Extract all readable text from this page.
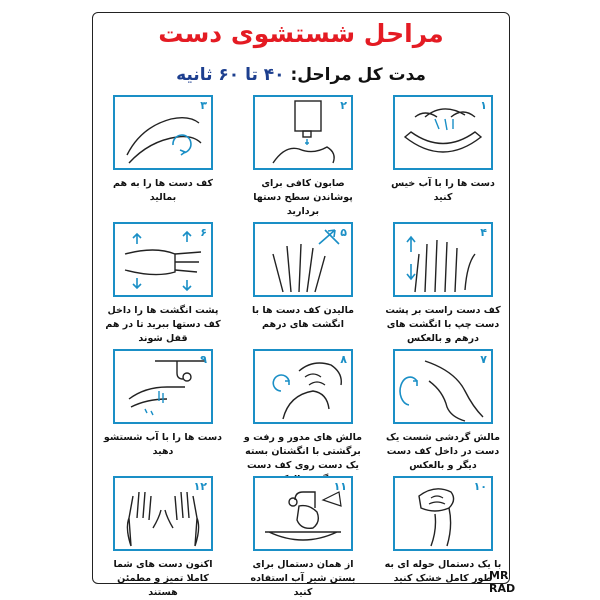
مراحل شستشوی دست
مدت کل مراحل: ۴۰ تا ۶۰ ثانیه
۱
دست ها را با آب خیس کنید
۲
صابون کافی برای پوشاندن سطح دستها بردارید
۳
کف دست ها را به هم بمالید
۴
کف دست راست بر پشت دست چپ با انگشت های درهم و بالعکس
۵
مالیدن کف دست ها با انگشت های درهم
۶
پشت انگشت ها را داخل کف دستها ببرید تا در هم قفل شوند
۷
مالش گردشی شست یک دست در داخل کف دست دیگر و بالعکس
۸
مالش های مدور و رفت و برگشتی با انگشتان بسته یک دست روی کف دست
۹
دست ها را با آب شستشو دهید
۱۰
با یک دستمال حوله ای به طور کامل خشک کنید
۱۱
از همان دستمال برای بستن شیر آب استفاده کنید
۱۲
اکنون دست های شما کاملا تمیز و مطمئن هستند
MR RAD
